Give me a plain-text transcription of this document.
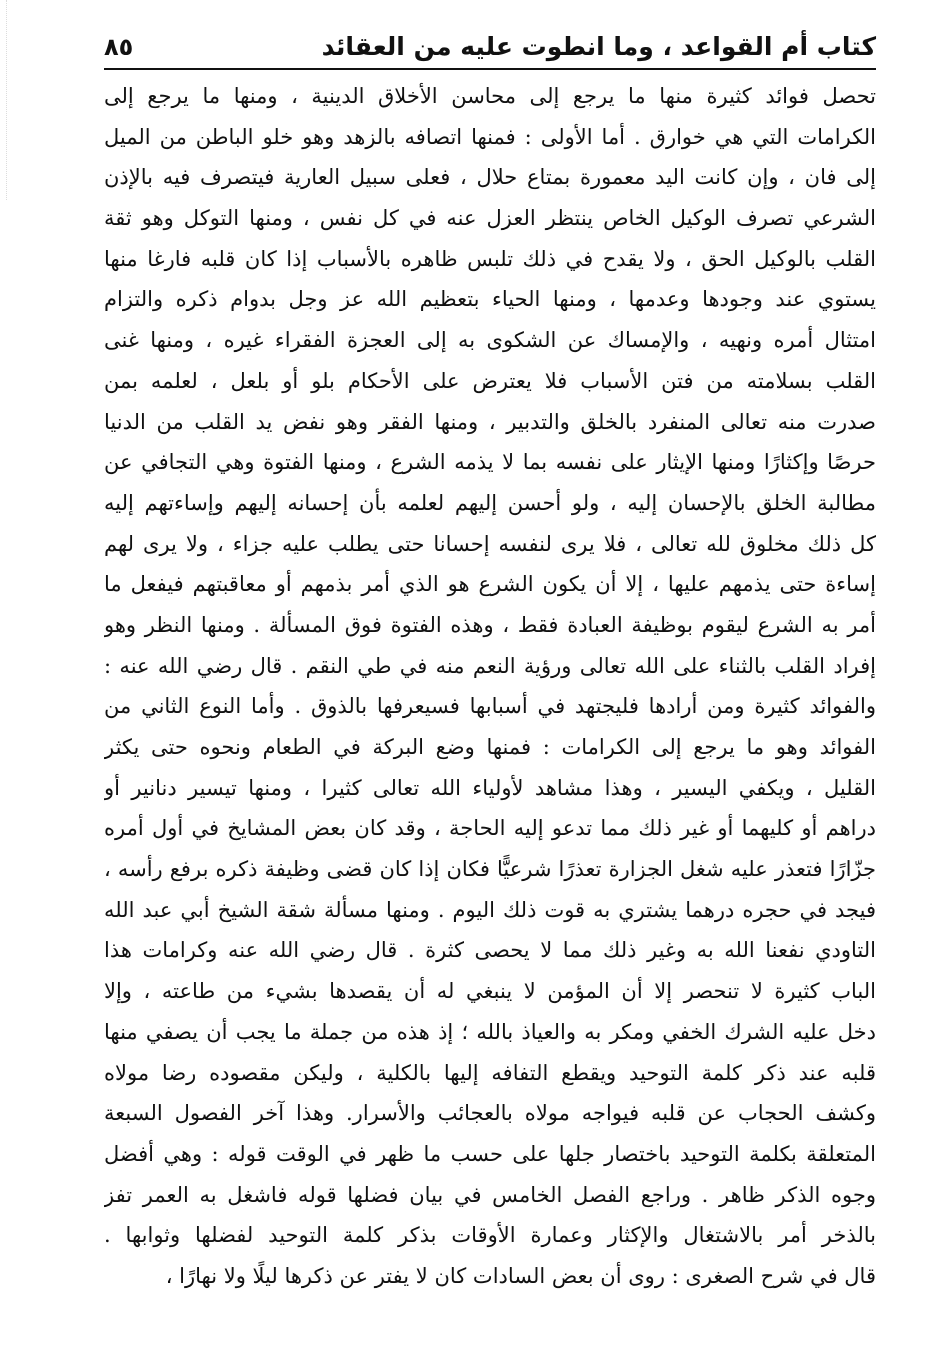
كتاب أم القواعد ، وما انطوت عليه من العقائد
٨٥
تحصل فوائد كثيرة منها ما يرجع إلى محاسن الأخلاق الدينية ، ومنها ما يرجع إلى
الكرامات التي هي خوارق . أما الأولى : فمنها اتصافه بالزهد وهو خلو الباطن من الميل
إلى فان ، وإن كانت اليد معمورة بمتاع حلال ، فعلى سبيل العارية فيتصرف فيه بالإذن
الشرعي تصرف الوكيل الخاص ينتظر العزل عنه في كل نفس ، ومنها التوكل وهو ثقة
القلب بالوكيل الحق ، ولا يقدح في ذلك تلبس ظاهره بالأسباب إذا كان قلبه فارغا منها
يستوي عند وجودها وعدمها ، ومنها الحياء بتعظيم الله عز وجل بدوام ذكره والتزام
امتثال أمره ونهيه ، والإمساك عن الشكوى به إلى العجزة الفقراء غيره ، ومنها غنى
القلب بسلامته من فتن الأسباب فلا يعترض على الأحكام بلو أو بلعل ، لعلمه بمن
صدرت منه تعالى المنفرد بالخلق والتدبير ، ومنها الفقر وهو نفض يد القلب من الدنيا
حرصًا وإكثارًا ومنها الإيثار على نفسه بما لا يذمه الشرع ، ومنها الفتوة وهي التجافي عن
مطالبة الخلق بالإحسان إليه ، ولو أحسن إليهم لعلمه بأن إحسانه إليهم وإساءتهم إليه
كل ذلك مخلوق لله تعالى ، فلا يرى لنفسه إحسانا حتى يطلب عليه جزاء ، ولا يرى لهم
إساءة حتى يذمهم عليها ، إلا أن يكون الشرع هو الذي أمر بذمهم أو معاقبتهم فيفعل ما
أمر به الشرع ليقوم بوظيفة العبادة فقط ، وهذه الفتوة فوق المسألة . ومنها النظر وهو
إفراد القلب بالثناء على الله تعالى ورؤية النعم منه في طي النقم . قال رضي الله عنه :
والفوائد كثيرة ومن أرادها فليجتهد في أسبابها فسيعرفها بالذوق . وأما النوع الثاني من
الفوائد وهو ما يرجع إلى الكرامات : فمنها وضع البركة في الطعام ونحوه حتى يكثر
القليل ، ويكفي اليسير ، وهذا مشاهد لأولياء الله تعالى كثيرا ، ومنها تيسير دنانير أو
دراهم أو كليهما أو غير ذلك مما تدعو إليه الحاجة ، وقد كان بعض المشايخ في أول أمره
جزّارًا فتعذر عليه شغل الجزارة تعذرًا شرعيًّا فكان إذا كان قضى وظيفة ذكره برفع رأسه ،
فيجد في حجره درهما يشتري به قوت ذلك اليوم . ومنها مسألة شقة الشيخ أبي عبد الله
التاودي نفعنا الله به وغير ذلك مما لا يحصى كثرة . قال رضي الله عنه وكرامات هذا
الباب كثيرة لا تنحصر إلا أن المؤمن لا ينبغي له أن يقصدها بشيء من طاعته ، وإلا
دخل عليه الشرك الخفي ومكر به والعياذ بالله ؛ إذ هذه من جملة ما يجب أن يصفي منها
قلبه عند ذكر كلمة التوحيد ويقطع التفافه إليها بالكلية ، وليكن مقصوده رضا مولاه
وكشف الحجاب عن قلبه فيواجه مولاه بالعجائب والأسرار. وهذا آخر الفصول السبعة
المتعلقة بكلمة التوحيد باختصار جلها على حسب ما ظهر في الوقت قوله : وهي أفضل
وجوه الذكر ظاهر . وراجع الفصل الخامس في بيان فضلها قوله فاشغل به العمر تفز
بالذخر أمر بالاشتغال والإكثار وعمارة الأوقات بذكر كلمة التوحيد لفضلها وثوابها .
قال في شرح الصغرى : روى أن بعض السادات كان لا يفتر عن ذكرها ليلًا ولا نهارًا ،
